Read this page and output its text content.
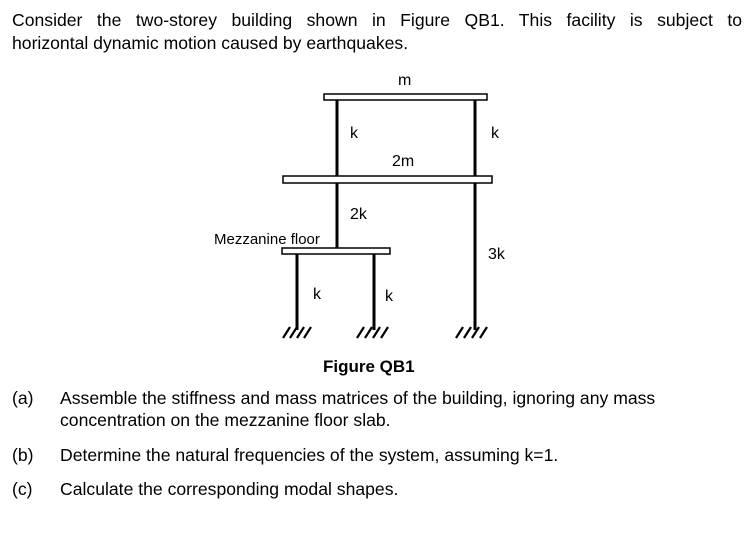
Consider the two-storey building shown in Figure QB1. This facility is subject to
horizontal dynamic motion caused by earthquakes.
m
k	k
2m
2k
Mezzanine floor
3k
k	k
Figure QB1
(a) Assemble the stiffness and mass matrices of the building, ignoring any mass
concentration on the mezzanine floor slab.
(b) Determine the natural frequencies of the system, assuming k=1.
(c) Calculate the corresponding modal shapes.
